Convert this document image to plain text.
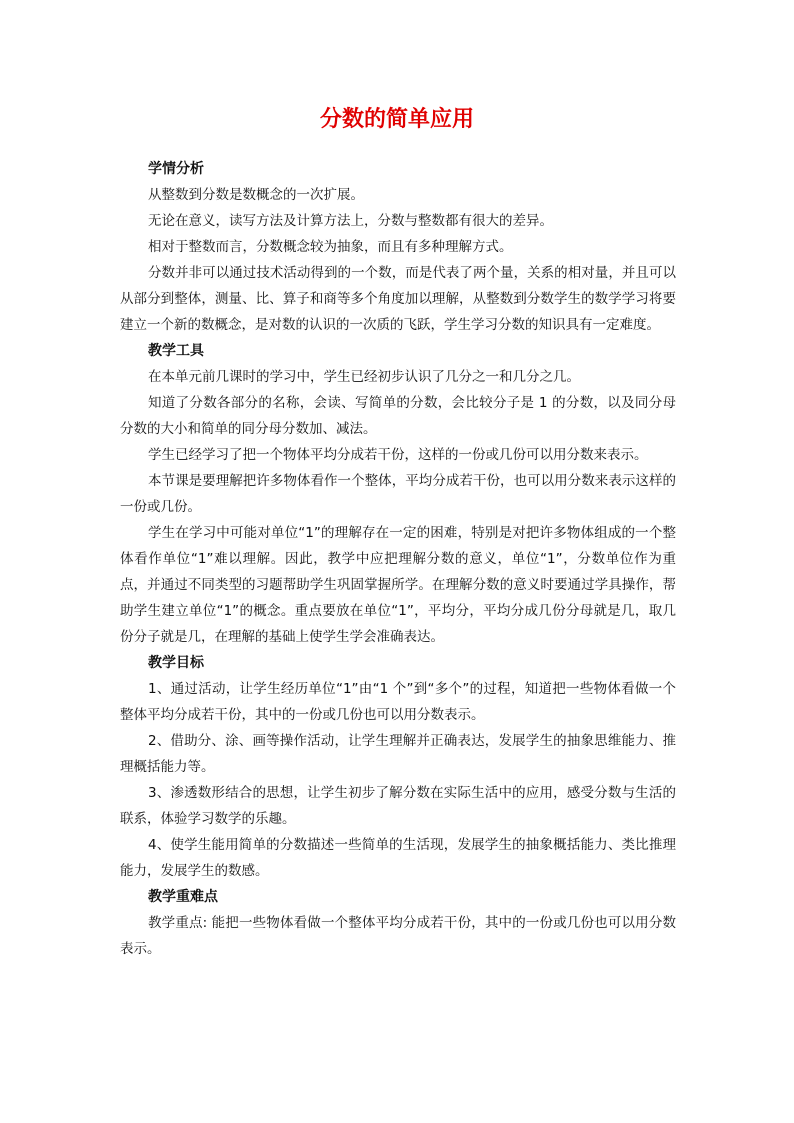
分数的简单应用

学情分析

从整数到分数是数概念的一次扩展。

无论在意义，读写方法及计算方法上，分数与整数都有很大的差异。

相对于整数而言，分数概念较为抽象，而且有多种理解方式。

分数并非可以通过技术活动得到的一个数，而是代表了两个量，关系的相对量，并且可以从部分到整体，测量、比、算子和商等多个角度加以理解，从整数到分数学生的数学学习将要建立一个新的数概念，是对数的认识的一次质的飞跃，学生学习分数的知识具有一定难度。

教学工具

在本单元前几课时的学习中，学生已经初步认识了几分之一和几分之几。

知道了分数各部分的名称，会读、写简单的分数，会比较分子是 1 的分数，以及同分母分数的大小和简单的同分母分数加、减法。

学生已经学习了把一个物体平均分成若干份，这样的一份或几份可以用分数来表示。

本节课是要理解把许多物体看作一个整体，平均分成若干份，也可以用分数来表示这样的一份或几份。

学生在学习中可能对单位“1”的理解存在一定的困难，特别是对把许多物体组成的一个整体看作单位“1”难以理解。因此，教学中应把理解分数的意义，单位“1”，分数单位作为重点，并通过不同类型的习题帮助学生巩固掌握所学。在理解分数的意义时要通过学具操作，帮助学生建立单位“1”的概念。重点要放在单位“1”，平均分，平均分成几份分母就是几，取几份分子就是几，在理解的基础上使学生学会准确表达。

教学目标

1、通过活动，让学生经历单位“1”由“1 个”到“多个”的过程，知道把一些物体看做一个整体平均分成若干份，其中的一份或几份也可以用分数表示。

2、借助分、涂、画等操作活动，让学生理解并正确表达，发展学生的抽象思维能力、推理概括能力等。

3、渗透数形结合的思想，让学生初步了解分数在实际生活中的应用，感受分数与生活的联系，体验学习数学的乐趣。

4、使学生能用简单的分数描述一些简单的生活现，发展学生的抽象概括能力、类比推理能力，发展学生的数感。

教学重难点

教学重点: 能把一些物体看做一个整体平均分成若干份，其中的一份或几份也可以用分数表示。
